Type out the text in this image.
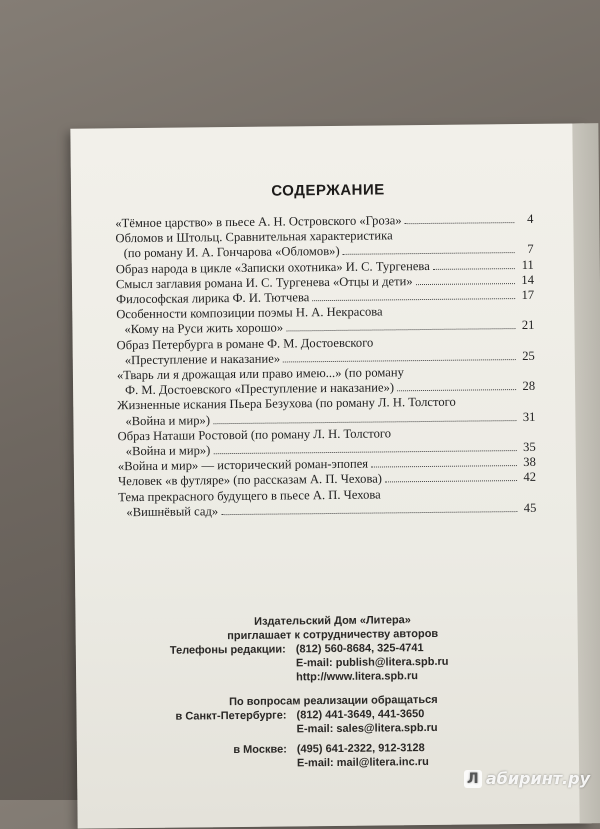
СОДЕРЖАНИЕ
«Тёмное царство» в пьесе А. Н. Островского «Гроза»	4
Обломов и Штольц. Сравнительная характеристика
(по роману И. А. Гончарова «Обломов»)	7
Образ народа в цикле «Записки охотника» И. С. Тургенева	11
Смысл заглавия романа И. С. Тургенева «Отцы и дети»	14
Философская лирика Ф. И. Тютчева	17
Особенности композиции поэмы Н. А. Некрасова
«Кому на Руси жить хорошо»	21
Образ Петербурга в романе Ф. М. Достоевского
«Преступление и наказание»	25
«Тварь ли я дрожащая или право имею...» (по роману
Ф. М. Достоевского «Преступление и наказание»)	28
Жизненные искания Пьера Безухова (по роману Л. Н. Толстого
«Война и мир»)	31
Образ Наташи Ростовой (по роману Л. Н. Толстого
«Война и мир»)	35
«Война и мир» — исторический роман-эпопея	38
Человек «в футляре» (по рассказам А. П. Чехова)	42
Тема прекрасного будущего в пьесе А. П. Чехова
«Вишнёвый сад»	45
Издательский Дом «Литера»
приглашает к сотрудничеству авторов
Телефоны редакции: (812) 560-8684, 325-4741
E-mail: publish@litera.spb.ru
http://www.litera.spb.ru
По вопросам реализации обращаться
в Санкт-Петербурге: (812) 441-3649, 441-3650
E-mail: sales@litera.spb.ru
в Москве: (495) 641-2322, 912-3128
E-mail: mail@litera.inc.ru
Л абиринт.ру
